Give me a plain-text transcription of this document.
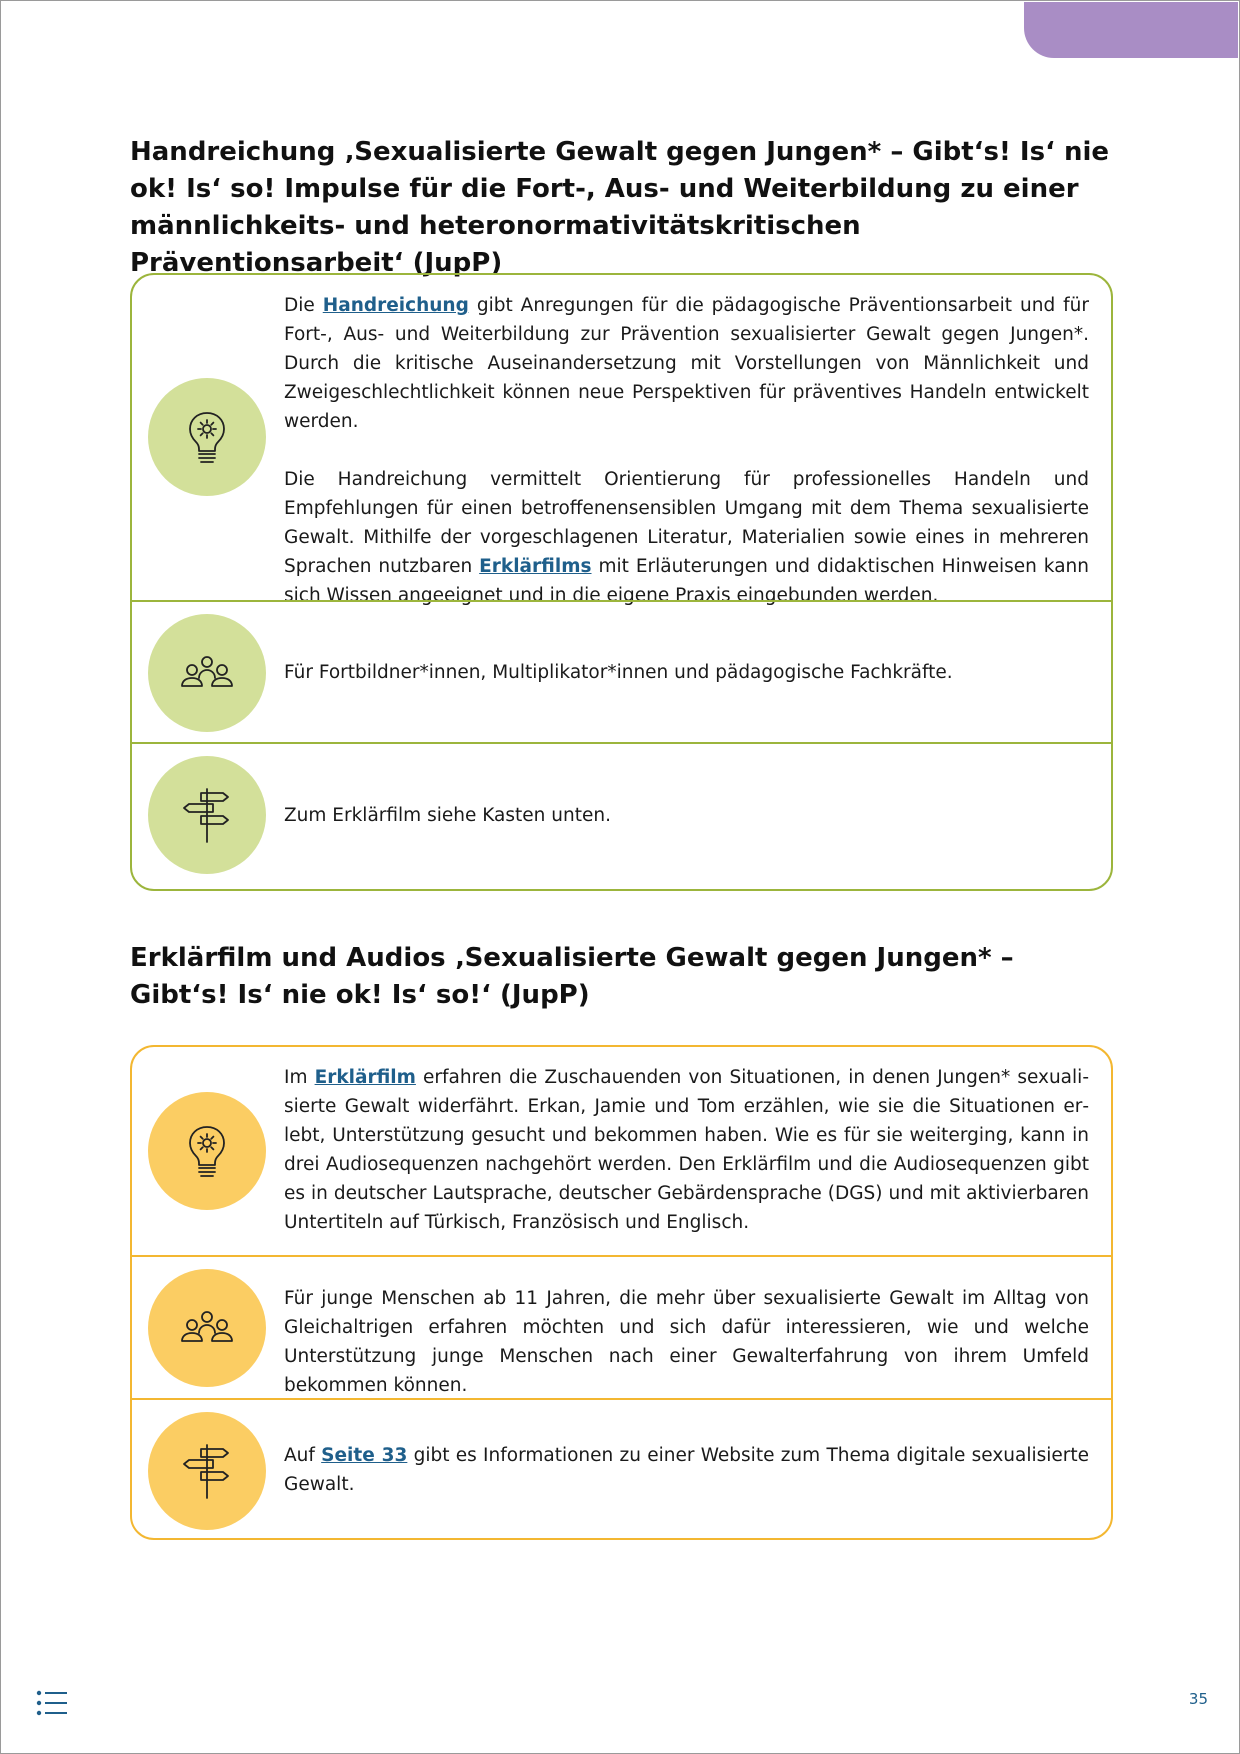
Handreichung ‚Sexualisierte Gewalt gegen Jungen* – Gibt‘s! Is‘ nie ok! Is‘ so! Impulse für die Fort-, Aus- und Weiterbildung zu einer männlichkeits- und heteronormativitätskritischen Präventionsarbeit‘ (JupP)

Die Handreichung gibt Anregungen für die pädagogische Präventionsarbeit und für Fort-, Aus- und Weiterbildung zur Prävention sexualisierter Gewalt gegen Jungen*. Durch die kritische Auseinandersetzung mit Vorstellungen von Männlichkeit und Zweigeschlechtlichkeit können neue Perspektiven für präventives Handeln entwickelt werden.

Die Handreichung vermittelt Orientierung für professionelles Handeln und Empfehlungen für einen betroffenensensiblen Umgang mit dem Thema sexualisierte Gewalt. Mithilfe der vorgeschlagenen Literatur, Materialien sowie eines in mehreren Sprachen nutzbaren Erklärfilms mit Erläuterungen und didaktischen Hinweisen kann sich Wissen angeeignet und in die eigene Praxis eingebunden werden.

Für Fortbildner*innen, Multiplikator*innen und pädagogische Fachkräfte.
Zum Erklärfilm siehe Kasten unten.
Erklärfilm und Audios ‚Sexualisierte Gewalt gegen Jungen* – Gibt‘s! Is‘ nie ok! Is‘ so!‘ (JupP)

Im Erklärfilm erfahren die Zuschauenden von Situationen, in denen Jungen* sexualisierte Gewalt widerfährt. Erkan, Jamie und Tom erzählen, wie sie die Situationen erlebt, Unterstützung gesucht und bekommen haben. Wie es für sie weiterging, kann in drei Audiosequenzen nachgehört werden. Den Erklärfilm und die Audiosequenzen gibt es in deutscher Lautsprache, deutscher Gebärdensprache (DGS) und mit aktivierbaren Untertiteln auf Türkisch, Französisch und Englisch.

Für junge Menschen ab 11 Jahren, die mehr über sexualisierte Gewalt im Alltag von Gleichaltrigen erfahren möchten und sich dafür interessieren, wie und welche Unterstützung junge Menschen nach einer Gewalterfahrung von ihrem Umfeld bekommen können.

Auf Seite 33 gibt es Informationen zu einer Website zum Thema digitale sexualisierte Gewalt.

35
